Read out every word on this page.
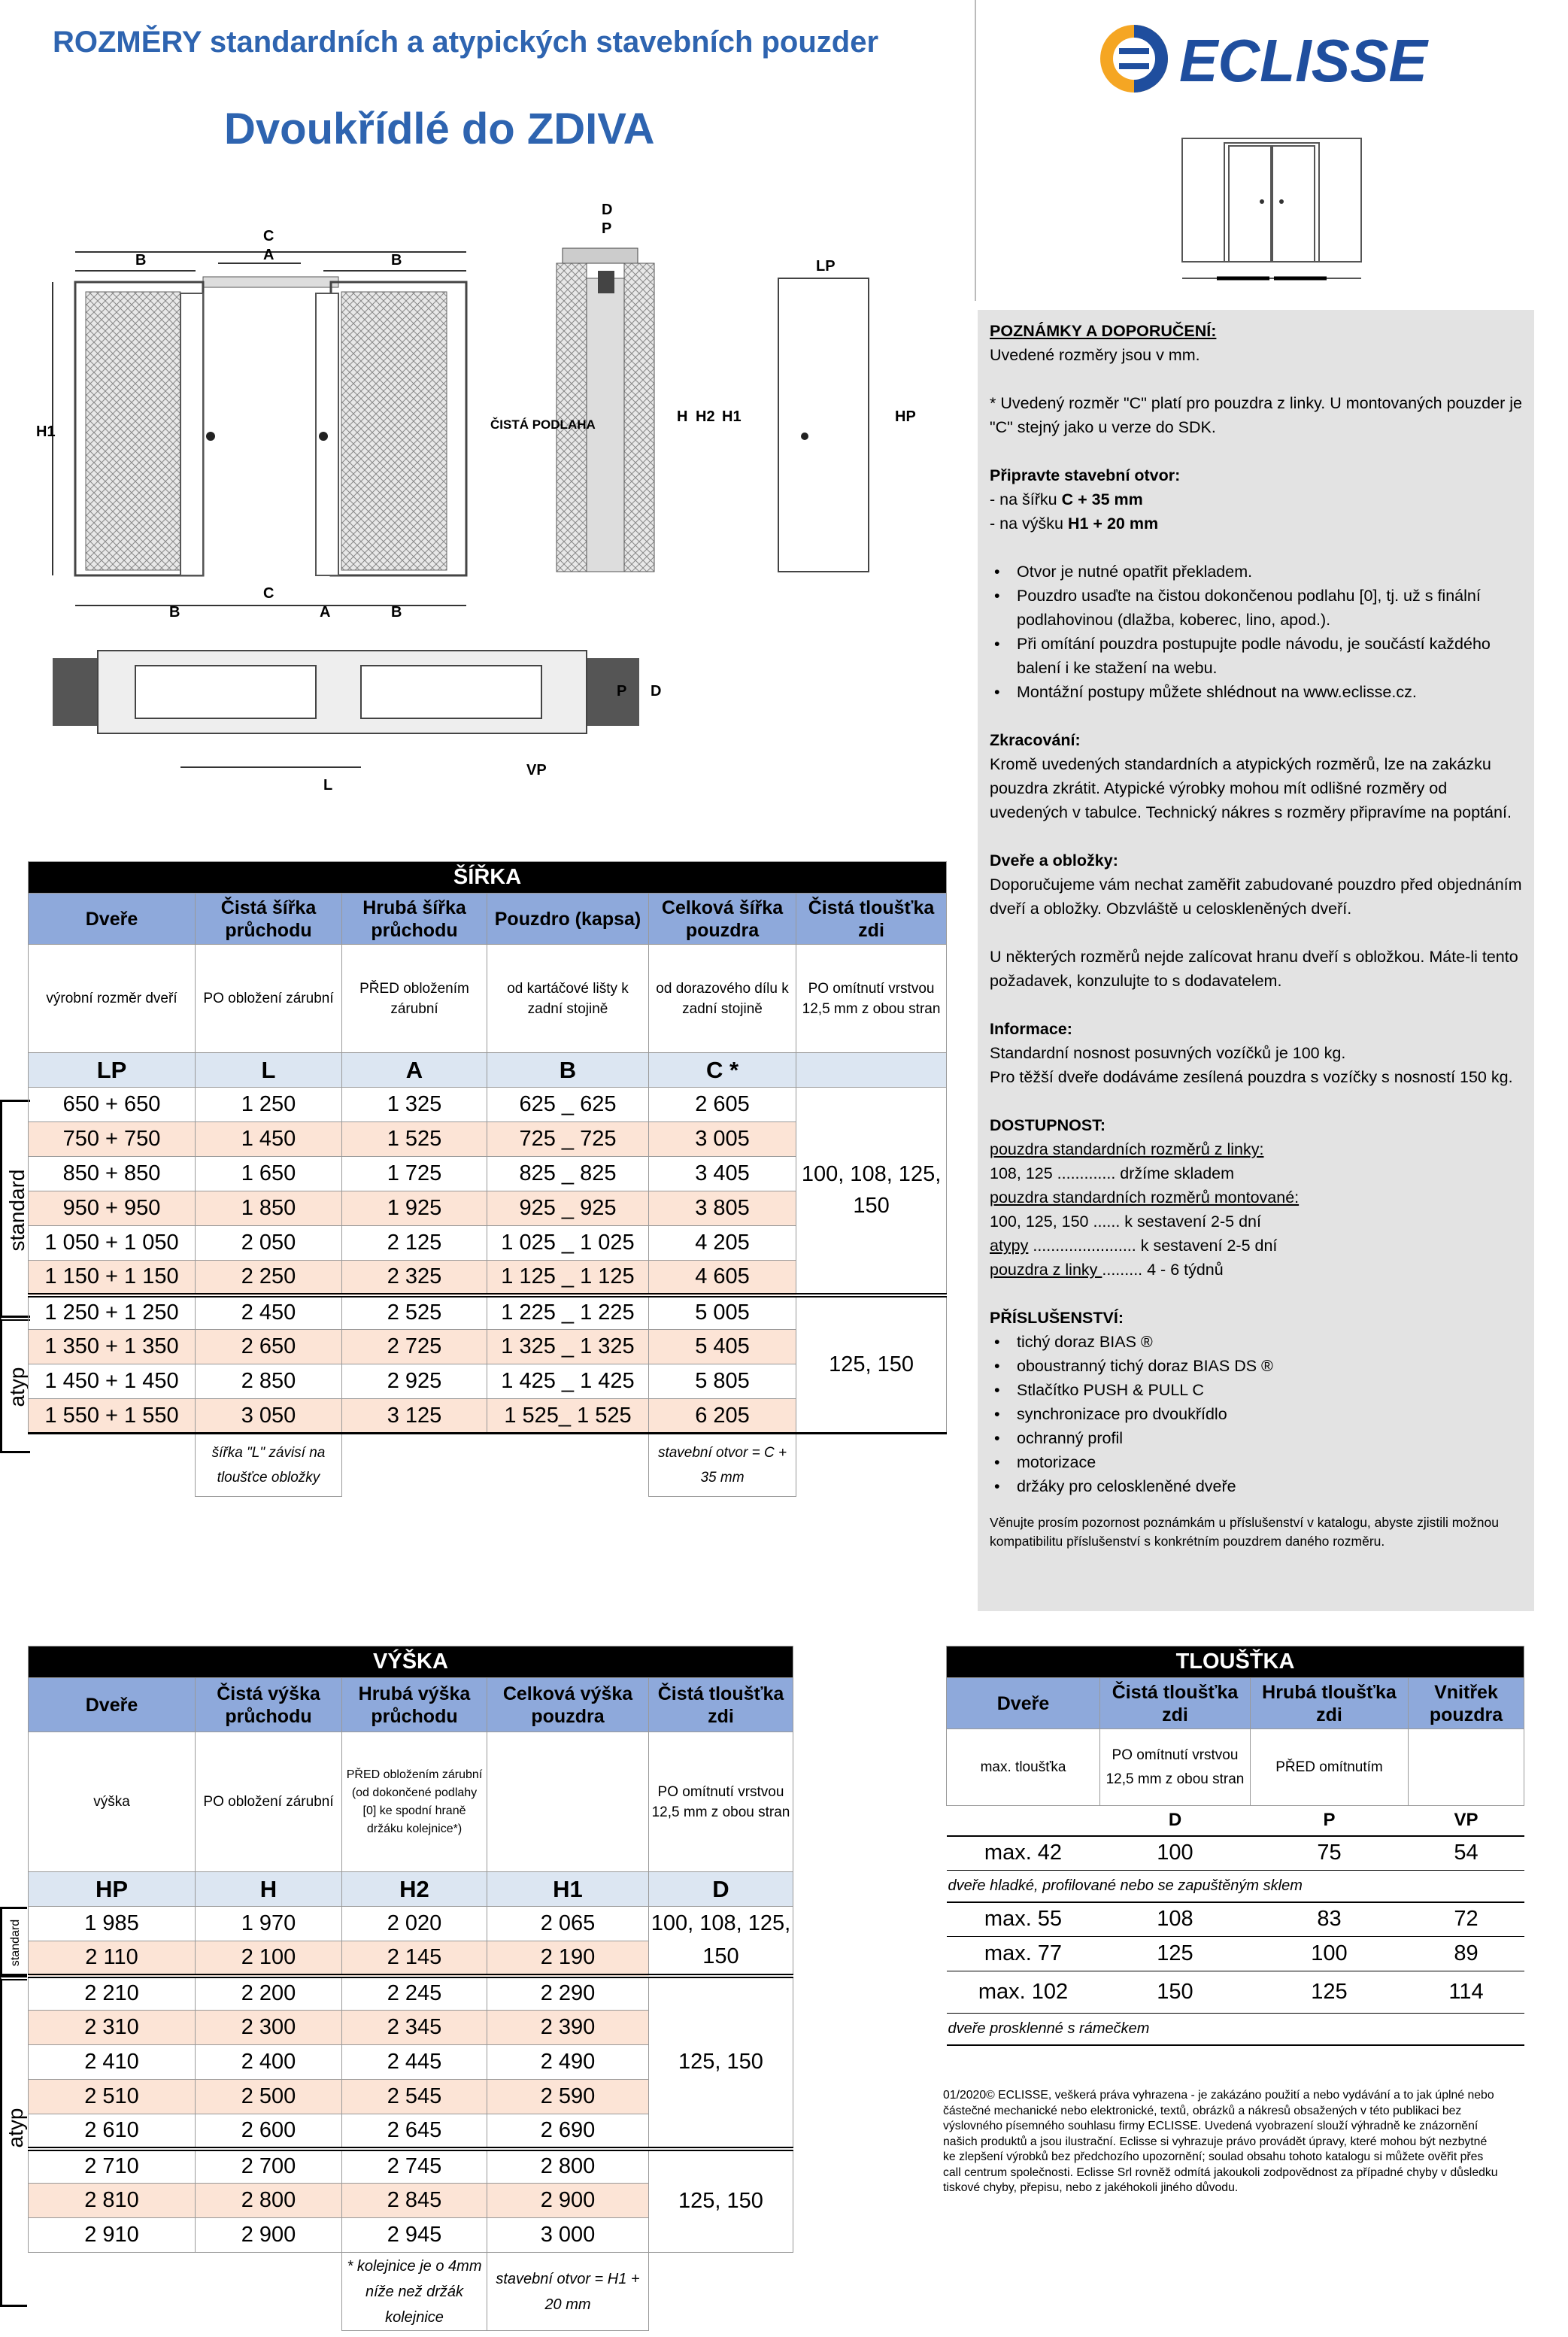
ROZMĚRY standardních a atypických stavebních pouzder
Dvoukřídlé do ZDIVA
ECLISSE
C
A
B	B
H1
D
P
ČISTÁ PODLAHA	H H2 H1
LP
HP
C
B	A	B
L
P D
VP
POZNÁMKY A DOPORUČENÍ:
Uvedené rozměry jsou v mm.
* Uvedený rozměr "C" platí pro pouzdra z linky. U montovaných pouzder je "C" stejný jako u verze do SDK.
Připravte stavební otvor:
- na šířku C + 35 mm
- na výšku H1 + 20 mm
• Otvor je nutné opatřit překladem.
• Pouzdro usaďte na čistou dokončenou podlahu [0], tj. už s finální podlahovinou (dlažba, koberec, lino, apod.).
• Při omítání pouzdra postupujte podle návodu, je součástí každého balení i ke stažení na webu.
• Montážní postupy můžete shlédnout na www.eclisse.cz.
Zkracování:
Kromě uvedených standardních a atypických rozměrů, lze na zakázku pouzdra zkrátit. Atypické výrobky mohou mít odlišné rozměry od uvedených v tabulce. Technický nákres s rozměry připravíme na poptání.
Dveře a obložky:
Doporučujeme vám nechat zaměřit zabudované pouzdro před objednáním dveří a obložky. Obzvláště u celoskleněných dveří.
U některých rozměrů nejde zalícovat hranu dveří s obložkou. Máte-li tento požadavek, konzulujte to s dodavatelem.
Informace:
Standardní nosnost posuvných vozíčků je 100 kg.
Pro těžší dveře dodáváme zesílená pouzdra s vozíčky s nosností 150 kg.
DOSTUPNOST:
pouzdra standardních rozměrů z linky:
108, 125 ............. držíme skladem
pouzdra standardních rozměrů montované:
100, 125, 150 ...... k sestavení 2-5 dní
atypy ....................... k sestavení 2-5 dní
pouzdra z linky ......... 4 - 6 týdnů
PŘÍSLUŠENSTVÍ:
• tichý doraz BIAS ®
• oboustranný tichý doraz BIAS DS ®
• Stlačítko PUSH & PULL C
• synchronizace pro dvoukřídlo
• ochranný profil
• motorizace
• držáky pro celoskleněné dveře
Věnujte prosím pozornost poznámkám u příslušenství v katalogu, abyste zjistili možnou kompatibilitu příslušenství s konkrétním pouzdrem daného rozměru.
standard
atyp
ŠÍŘKA					
Dveře	Čistá šířka průchodu	Hrubá šířka průchodu	Pouzdro (kapsa)	Celková šířka pouzdra	Čistá tloušťka zdi
výrobní rozměr dveří	PO obložení zárubní	PŘED obložením zárubní	od kartáčové lišty k zadní stojině	od dorazového dílu k zadní stojině	PO omítnutí vrstvou 12,5 mm z obou stran
LP	L	A	B	C *	
650 + 650	1 250	1 325	625 _ 625	2 605	100, 108, 125, 150
750 + 750	1 450	1 525	725 _ 725	3 005	
850 + 850	1 650	1 725	825 _ 825	3 405	
950 + 950	1 850	1 925	925 _ 925	3 805	
1 050 + 1 050	2 050	2 125	1 025 _ 1 025	4 205	
1 150 + 1 150	2 250	2 325	1 125 _ 1 125	4 605	
1 250 + 1 250	2 450	2 525	1 225 _ 1 225	5 005	125, 150
1 350 + 1 350	2 650	2 725	1 325 _ 1 325	5 405	
1 450 + 1 450	2 850	2 925	1 425 _ 1 425	5 805	
1 550 + 1 550	3 050	3 125	1 525_ 1 525	6 205	
	šířka "L" závisí na tloušťce obložky			stavební otvor = C + 35 mm	
standard
atyp
VÝŠKA				
Dveře	Čistá výška průchodu	Hrubá výška průchodu	Celková výška pouzdra	Čistá tloušťka zdi
výška	PO obložení zárubní	PŘED obložením zárubní (od dokončené podlahy [0] ke spodní hraně držáku kolejnice*)		PO omítnutí vrstvou 12,5 mm z obou stran
HP	H	H2	H1	D
1 985	1 970	2 020	2 065	100, 108, 125, 150
2 110	2 100	2 145	2 190	
2 210	2 200	2 245	2 290	125, 150
2 310	2 300	2 345	2 390	
2 410	2 400	2 445	2 490	
2 510	2 500	2 545	2 590	
2 610	2 600	2 645	2 690	
2 710	2 700	2 745	2 800	125, 150
2 810	2 800	2 845	2 900	
2 910	2 900	2 945	3 000	
		* kolejnice je o 4mm níže než držák kolejnice	stavební otvor = H1 + 20 mm	
TLOUŠŤKA			
Dveře	Čistá tloušťka zdi	Hrubá tloušťka zdi	Vnitřek pouzdra
max. tloušťka	PO omítnutí vrstvou 12,5 mm z obou stran	PŘED omítnutím	
	D	P	VP
max. 42	100	75	54
dveře hladké, profilované nebo se zapuštěným sklem			
max. 55	108	83	72
max. 77	125	100	89
max. 102	150	125	114
dveře prosklenné s rámečkem			
01/2020© ECLISSE, veškerá práva vyhrazena - je zakázáno použití a nebo vydávání a to jak úplné nebo částečné mechanické nebo elektronické, textů, obrázků a nákresů obsažených v této publikaci bez výslovného písemného souhlasu firmy ECLISSE. Uvedená vyobrazení slouží výhradně ke znázornění našich produktů a jsou ilustrační. Eclisse si vyhrazuje právo provádět úpravy, které mohou být nezbytné ke zlepšení výrobků bez předchozího upozornění; soulad obsahu tohoto katalogu si můžete ověřit přes call centrum společnosti. Eclisse Srl rovněž odmítá jakoukoli zodpovědnost za případné chyby v důsledku tiskové chyby, přepisu, nebo z jakéhokoli jiného důvodu.
